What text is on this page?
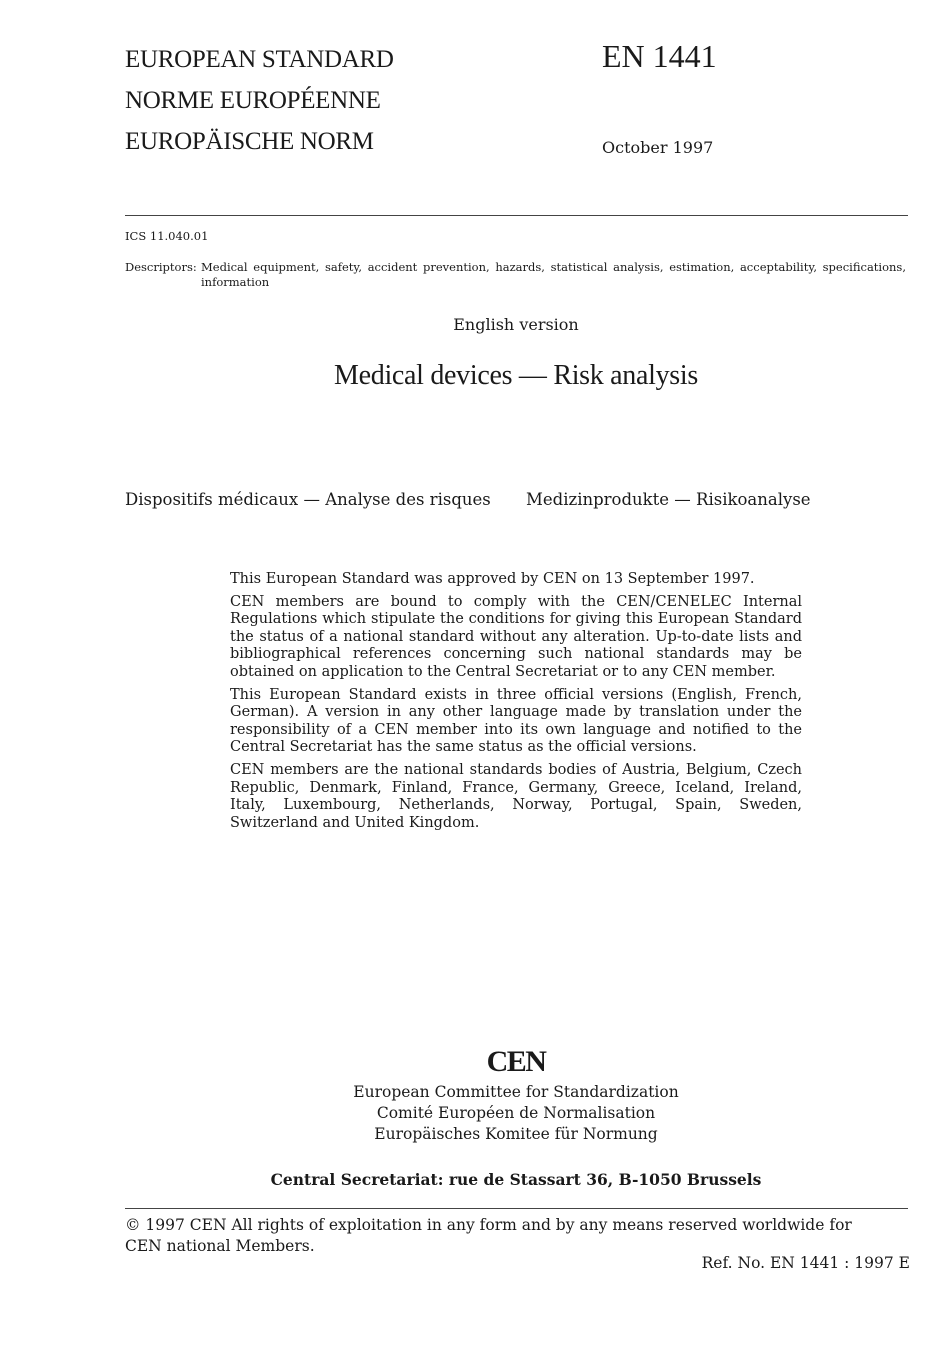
EUROPEAN STANDARD
NORME EUROPÉENNE
EUROPÄISCHE NORM
EN 1441
October 1997
ICS 11.040.01
Descriptors: Medical equipment, safety, accident prevention, hazards, statistical analysis, estimation, acceptability, specifications, information
English version
Medical devices — Risk analysis
Dispositifs médicaux — Analyse des risques Medizinprodukte — Risikoanalyse

This European Standard was approved by CEN on 13 September 1997.

CEN members are bound to comply with the CEN/CENELEC Internal Regulations which stipulate the conditions for giving this European Standard the status of a national standard without any alteration. Up-to-date lists and bibliographical references concerning such national standards may be obtained on application to the Central Secretariat or to any CEN member.

This European Standard exists in three official versions (English, French, German). A version in any other language made by translation under the responsibility of a CEN member into its own language and notified to the Central Secretariat has the same status as the official versions.

CEN members are the national standards bodies of Austria, Belgium, Czech Republic, Denmark, Finland, France, Germany, Greece, Iceland, Ireland, Italy, Luxembourg, Netherlands, Norway, Portugal, Spain, Sweden, Switzerland and United Kingdom.

CEN
European Committee for Standardization
Comité Européen de Normalisation
Europäisches Komitee für Normung
Central Secretariat: rue de Stassart 36, B-1050 Brussels
© 1997 CEN All rights of exploitation in any form and by any means reserved worldwide for CEN national Members.
Ref. No. EN 1441 : 1997 E
